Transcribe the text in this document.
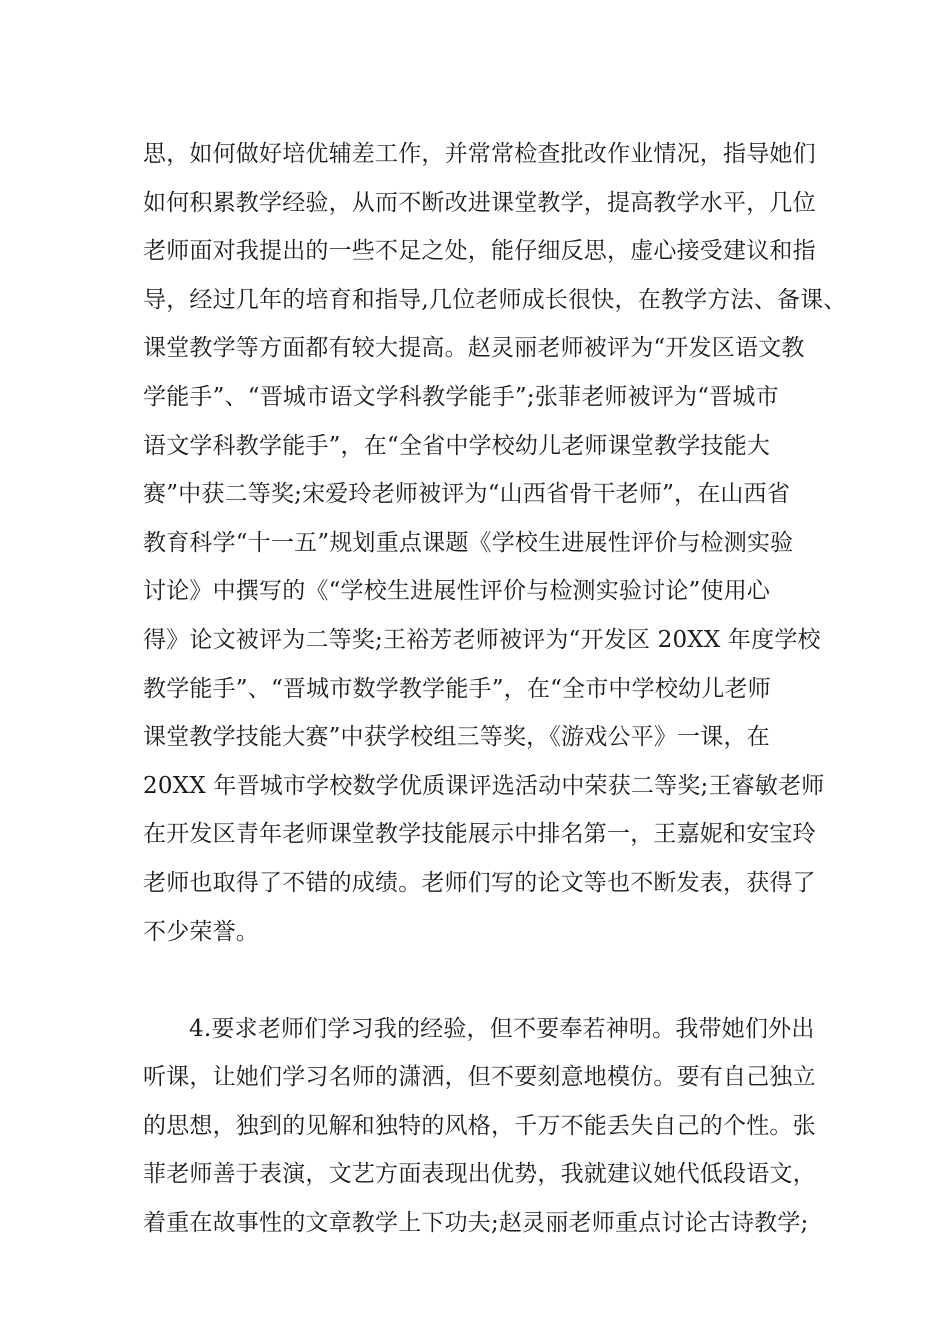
思，如何做好培优辅差工作，并常常检查批改作业情况，指导她们
如何积累教学经验，从而不断改进课堂教学，提高教学水平，几位
老师面对我提出的一些不足之处，能仔细反思，虚心接受建议和指
导，经过几年的培育和指导,几位老师成长很快，在教学方法、备课、
课堂教学等方面都有较大提高。赵灵丽老师被评为“开发区语文教
学能手”、“晋城市语文学科教学能手”;张菲老师被评为“晋城市
语文学科教学能手”，在“全省中学校幼儿老师课堂教学技能大
赛”中获二等奖;宋爱玲老师被评为“山西省骨干老师”，在山西省
教育科学“十一五”规划重点课题《学校生进展性评价与检测实验
讨论》中撰写的《“学校生进展性评价与检测实验讨论”使用心
得》论文被评为二等奖;王裕芳老师被评为“开发区 20XX 年度学校
教学能手”、“晋城市数学教学能手”，在“全市中学校幼儿老师
课堂教学技能大赛”中获学校组三等奖，《游戏公平》一课，在
20XX 年晋城市学校数学优质课评选活动中荣获二等奖;王睿敏老师
在开发区青年老师课堂教学技能展示中排名第一，王嘉妮和安宝玲
老师也取得了不错的成绩。老师们写的论文等也不断发表，获得了
不少荣誉。
4.要求老师们学习我的经验，但不要奉若神明。我带她们外出
听课，让她们学习名师的潇洒，但不要刻意地模仿。要有自己独立
的思想，独到的见解和独特的风格，千万不能丢失自己的个性。张
菲老师善于表演，文艺方面表现出优势，我就建议她代低段语文，
着重在故事性的文章教学上下功夫;赵灵丽老师重点讨论古诗教学;
